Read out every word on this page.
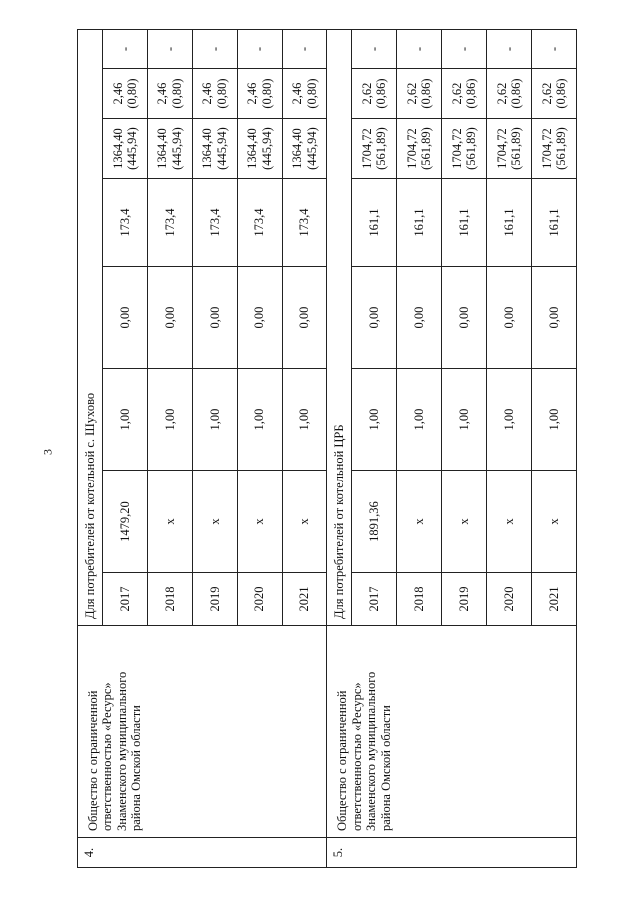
3
4.	Общество с ограниченной ответственностью «Ресурс» Знаменского муниципального района Омской области	Для потребителей от котельной с. Шухово							
		2017	1479,20	1,00	0,00	173,4	1364,40 (445,94)	2,46 (0,80)	-
		2018	х	1,00	0,00	173,4	1364,40 (445,94)	2,46 (0,80)	-
		2019	х	1,00	0,00	173,4	1364,40 (445,94)	2,46 (0,80)	-
		2020	х	1,00	0,00	173,4	1364,40 (445,94)	2,46 (0,80)	-
		2021	х	1,00	0,00	173,4	1364,40 (445,94)	2,46 (0,80)	-
5.	Общество с ограниченной ответственностью «Ресурс» Знаменского муниципального района Омской области	Для потребителей от котельной ЦРБ							
		2017	1891,36	1,00	0,00	161,1	1704,72 (561,89)	2,62 (0,86)	-
		2018	х	1,00	0,00	161,1	1704,72 (561,89)	2,62 (0,86)	-
		2019	х	1,00	0,00	161,1	1704,72 (561,89)	2,62 (0,86)	-
		2020	х	1,00	0,00	161,1	1704,72 (561,89)	2,62 (0,86)	-
		2021	х	1,00	0,00	161,1	1704,72 (561,89)	2,62 (0,86)	-
